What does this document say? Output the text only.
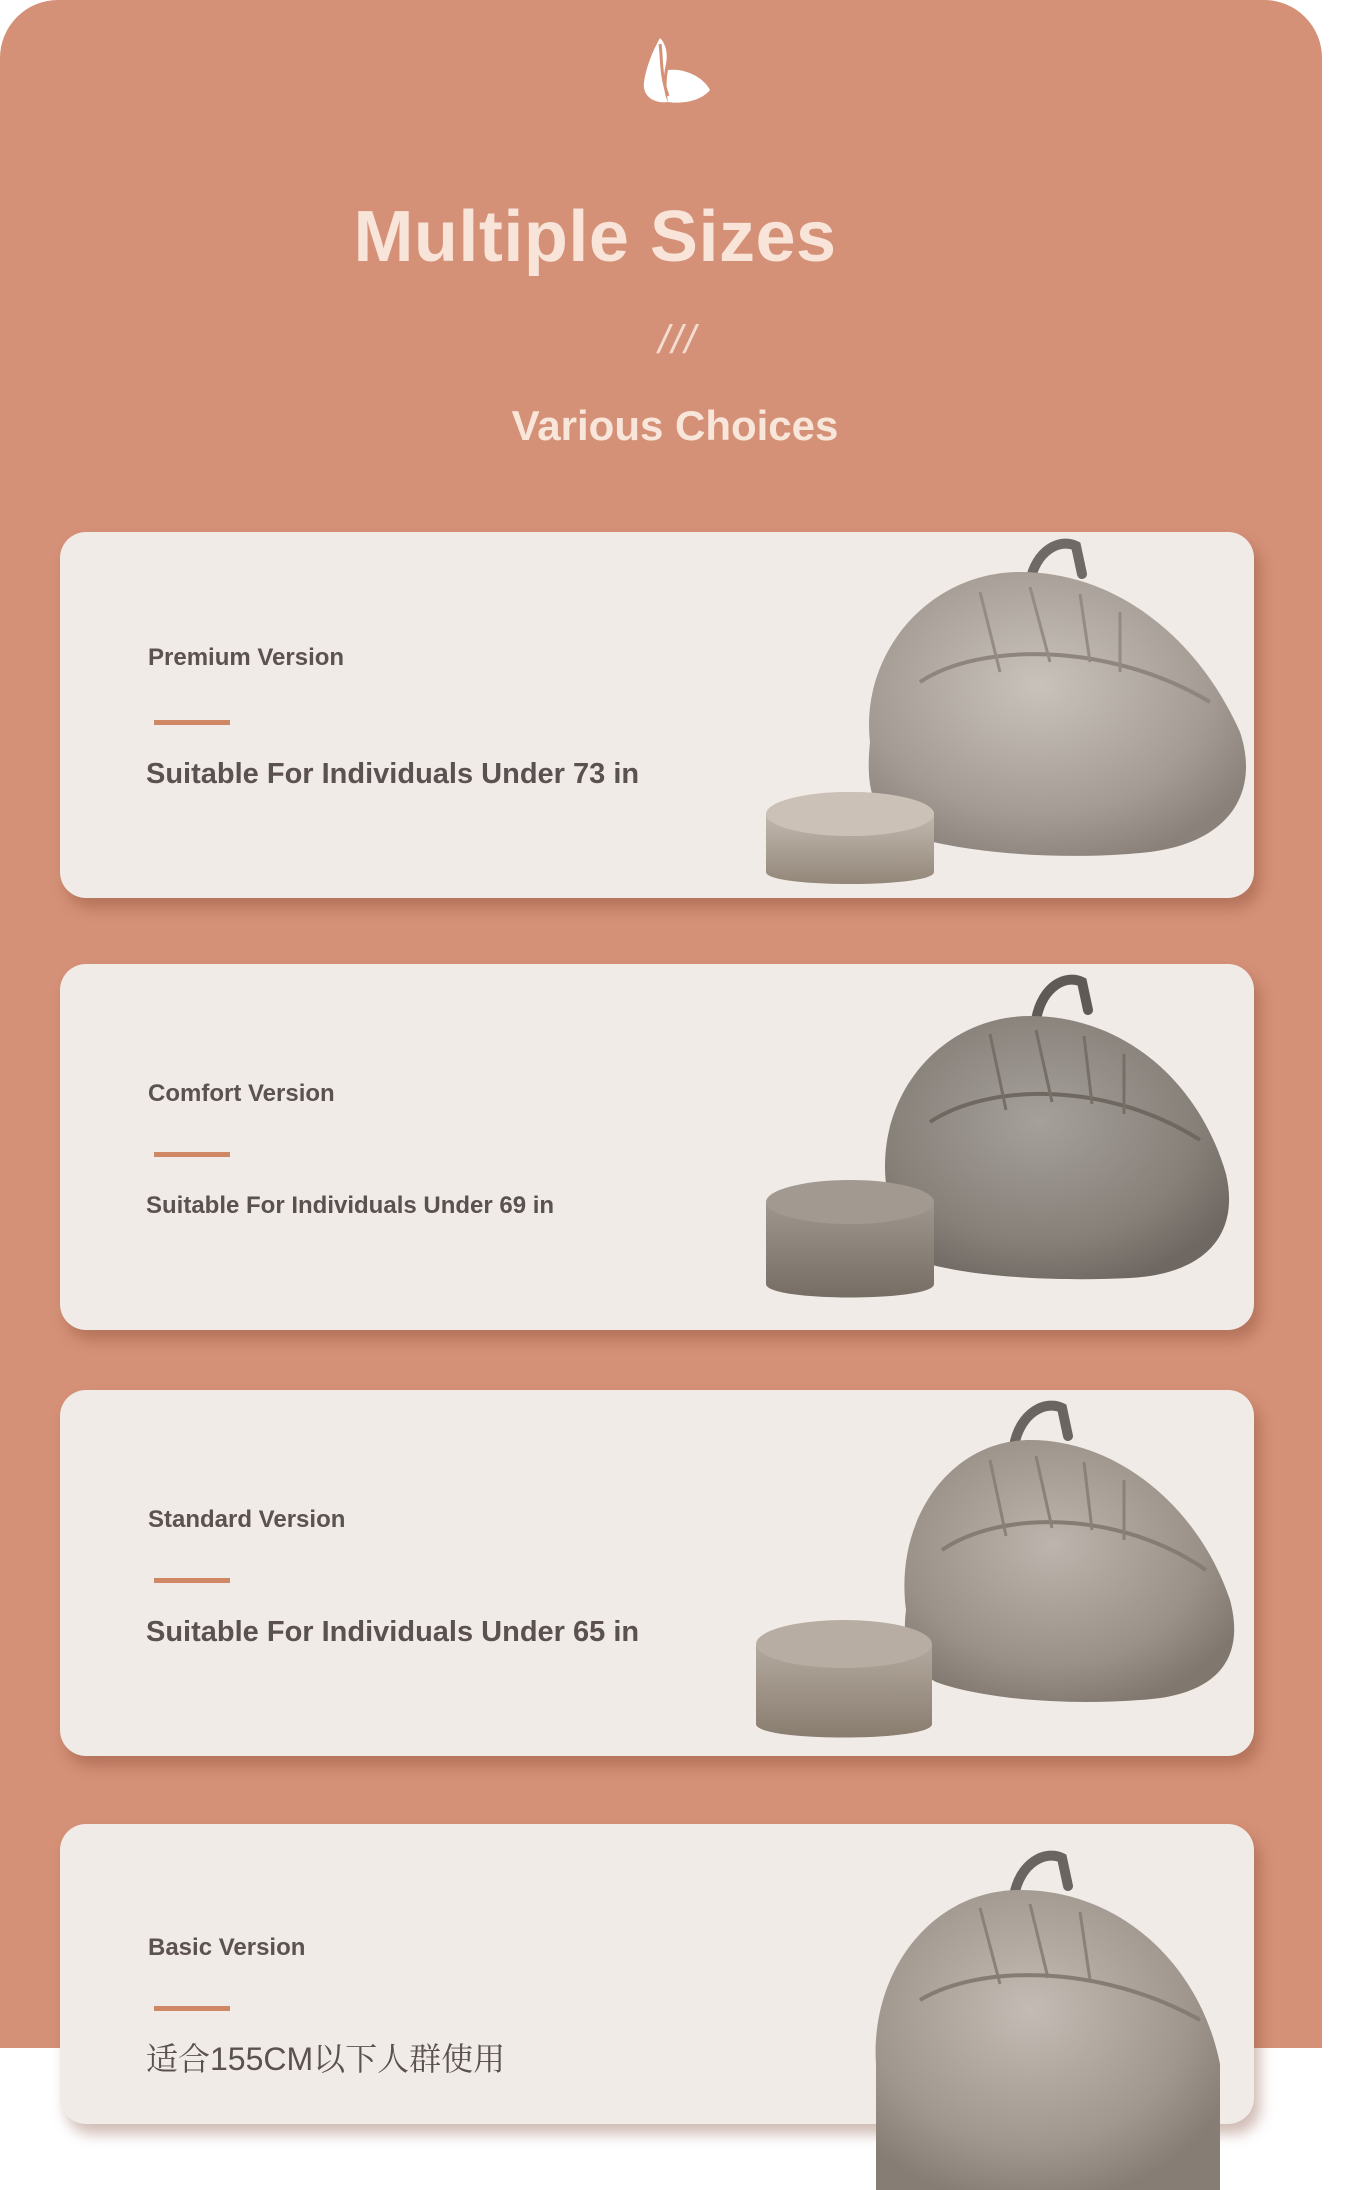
Multiple Sizes
///
Various Choices
Premium Version
Suitable For Individuals Under 73 in
Comfort Version
Suitable For Individuals Under 69 in
Standard Version
Suitable For Individuals Under 65 in
Basic Version
适合155CM以下人群使用
